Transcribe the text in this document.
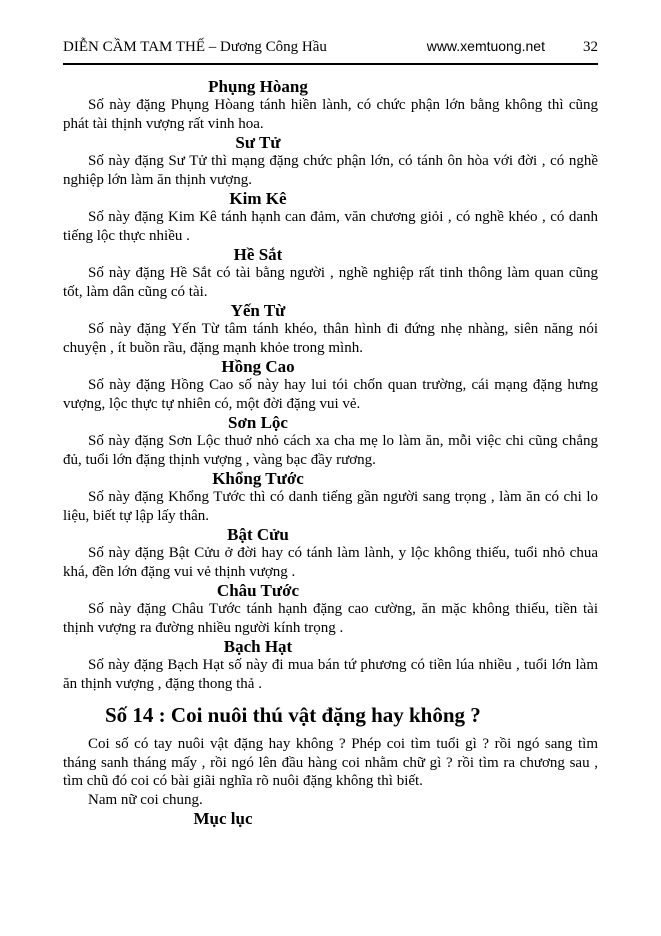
DIỄN CẦM TAM THẾ – Dương Công Hầu	www.xemtuong.net	32
Phụng Hòang

Số này đặng Phụng Hòang tánh hiền lành, có chức phận lớn bằng không thì cũng phát tài thịnh vượng rất vinh hoa.

Sư Tử

Số này đặng Sư Tử thì mạng đặng chức phận lớn, có tánh ôn hòa với đời , có nghề nghiệp lớn làm ăn thịnh vượng.

Kim Kê

Số này đặng Kim Kê tánh hạnh can đảm, văn chương giỏi , có nghề khéo , có danh tiếng lộc thực nhiều .

Hề Sắt

Số này đặng Hề Sắt có tài bằng người , nghề nghiệp rất tinh thông làm quan cũng tốt, làm dân cũng có tài.

Yến Từ

Số này đặng Yến Từ tâm tánh khéo, thân hình đi đứng nhẹ nhàng, siên năng nói chuyện , ít buồn rầu, đặng mạnh khỏe trong mình.

Hồng Cao

Số này đặng Hồng Cao số này hay lui tói chốn quan trường, cái mạng đặng hưng vượng, lộc thực tự nhiên có, một đời đặng vui vẻ.

Sơn Lộc

Số này đặng Sơn Lộc thuở nhỏ cách xa cha mẹ lo làm ăn, mỗi việc chi cũng chẳng đủ, tuổi lớn đặng thịnh vượng , vàng bạc đầy rương.

Khổng Tước

Số này đặng Khổng Tước thì có danh tiếng gần người sang trọng , làm ăn có chi lo liệu, biết tự lập lấy thân.

Bật Cửu

Số này đặng Bật Cửu ở đời hay có tánh làm lành, y lộc không thiếu, tuổi nhỏ chua khá, đền lớn đặng vui vẻ thịnh vượng .

Châu Tước

Số này đặng Châu Tước tánh hạnh đặng cao cường, ăn mặc không thiếu, tiền tài thịnh vượng ra đường nhiều người kính trọng .

Bạch Hạt

Số này đặng Bạch Hạt số này đi mua bán tứ phương có tiền lúa nhiều , tuổi lớn làm ăn thịnh vượng , đặng thong thả .

Số 14 : Coi nuôi thú vật đặng hay không ?

Coi số có tay nuôi vật đặng hay không ? Phép coi tìm tuổi gì ? rồi ngó sang tìm tháng sanh tháng mấy , rồi ngó lên đầu hàng coi nhằm chữ gì ? rồi tìm ra chương sau , tìm chũ đó coi có bài giãi nghĩa rõ nuôi đặng không thì biết.

Nam nữ coi chung.

Mục lục
